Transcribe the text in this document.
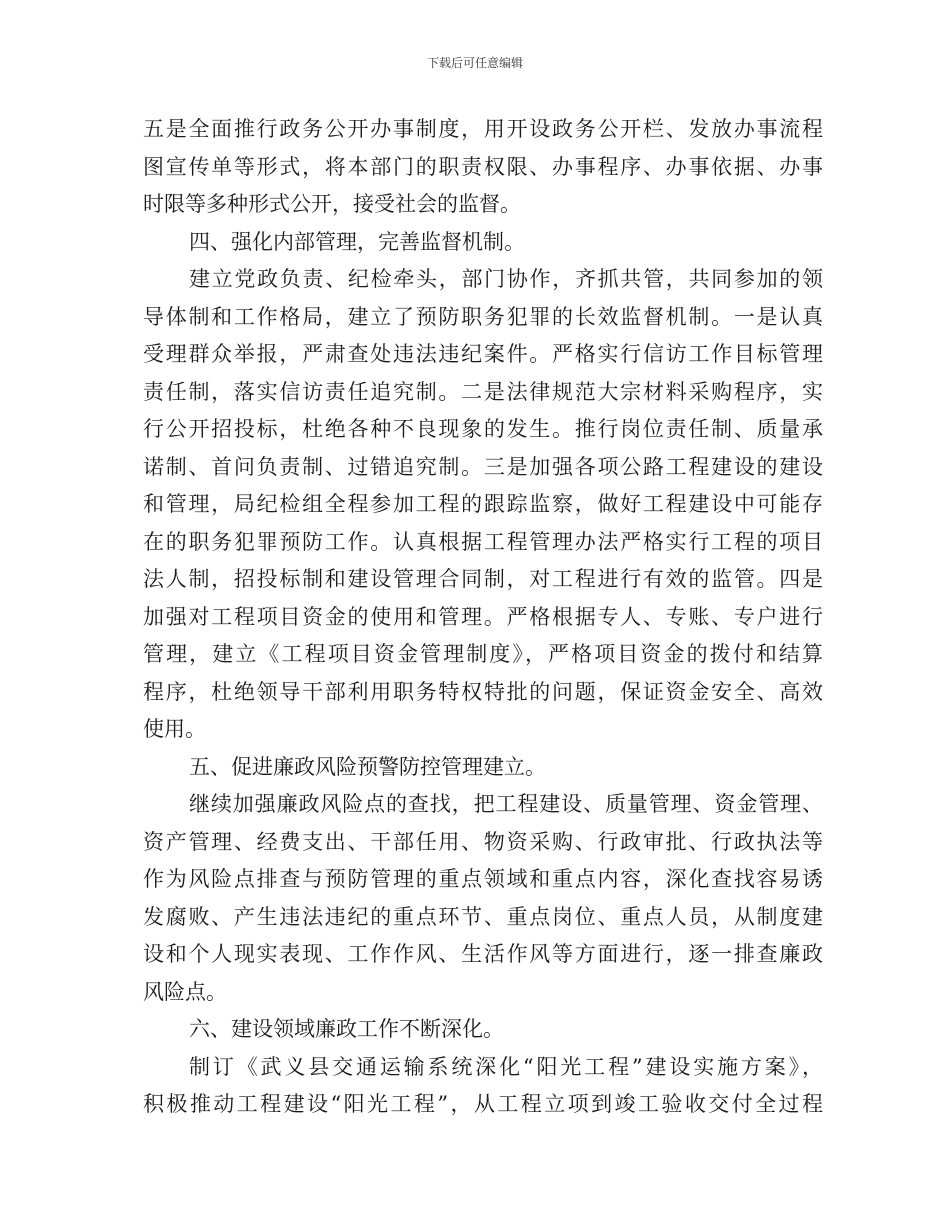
下载后可任意编辑
五是全面推行政务公开办事制度，用开设政务公开栏、发放办事流程
图宣传单等形式，将本部门的职责权限、办事程序、办事依据、办事
时限等多种形式公开，接受社会的监督。
四、强化内部管理，完善监督机制。
建立党政负责、纪检牵头，部门协作，齐抓共管，共同参加的领
导体制和工作格局，建立了预防职务犯罪的长效监督机制。一是认真
受理群众举报，严肃查处违法违纪案件。严格实行信访工作目标管理
责任制，落实信访责任追究制。二是法律规范大宗材料采购程序，实
行公开招投标，杜绝各种不良现象的发生。推行岗位责任制、质量承
诺制、首问负责制、过错追究制。三是加强各项公路工程建设的建设
和管理，局纪检组全程参加工程的跟踪监察，做好工程建设中可能存
在的职务犯罪预防工作。认真根据工程管理办法严格实行工程的项目
法人制，招投标制和建设管理合同制，对工程进行有效的监管。四是
加强对工程项目资金的使用和管理。严格根据专人、专账、专户进行
管理，建立《工程项目资金管理制度》，严格项目资金的拨付和结算
程序，杜绝领导干部利用职务特权特批的问题，保证资金安全、高效
使用。
五、促进廉政风险预警防控管理建立。
继续加强廉政风险点的查找，把工程建设、质量管理、资金管理、
资产管理、经费支出、干部任用、物资采购、行政审批、行政执法等
作为风险点排查与预防管理的重点领域和重点内容，深化查找容易诱
发腐败、产生违法违纪的重点环节、重点岗位、重点人员，从制度建
设和个人现实表现、工作作风、生活作风等方面进行，逐一排查廉政
风险点。
六、建设领域廉政工作不断深化。
制订《武义县交通运输系统深化“阳光工程”建设实施方案》，
积极推动工程建设“阳光工程”，从工程立项到竣工验收交付全过程
